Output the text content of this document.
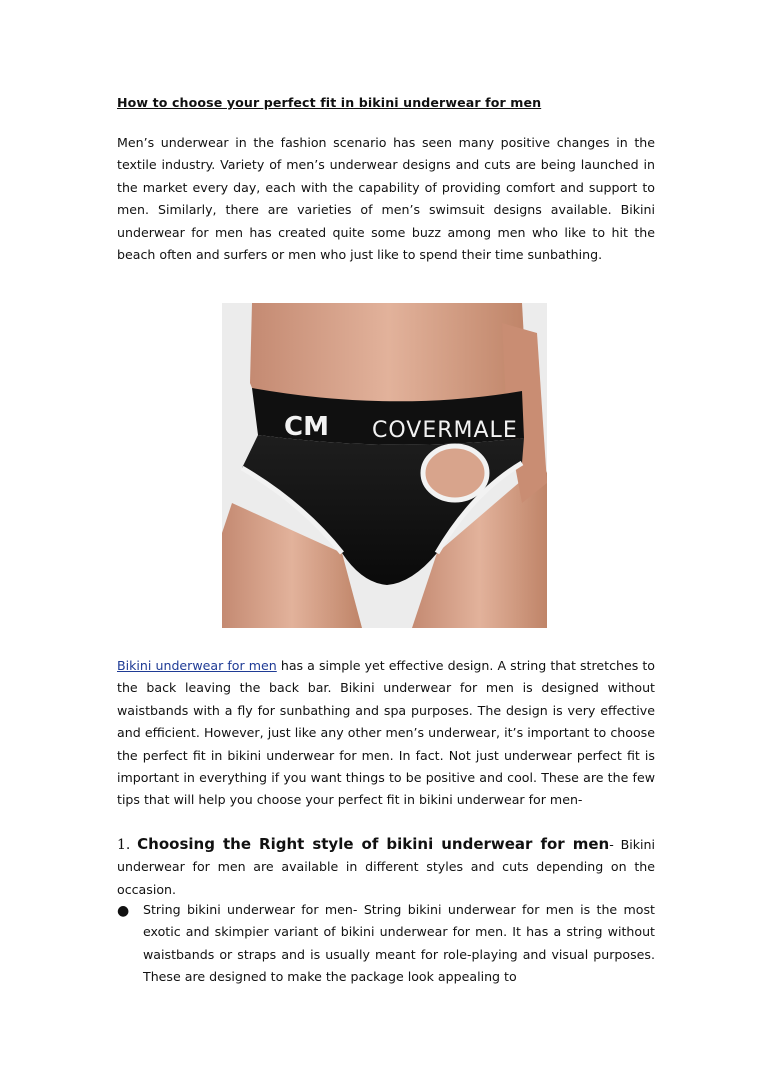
How to choose your perfect fit in bikini underwear for men

Men’s underwear in the fashion scenario has seen many positive changes in the textile industry. Variety of men’s underwear designs and cuts are being launched in the market every day, each with the capability of providing comfort and support to men. Similarly, there are varieties of men’s swimsuit designs available. Bikini underwear for men has created quite some buzz among men who like to hit the beach often and surfers or men who just like to spend their time sunbathing.

CM COVERMALE

Bikini underwear for men has a simple yet effective design. A string that stretches to the back leaving the back bar. Bikini underwear for men is designed without waistbands with a fly for sunbathing and spa purposes. The design is very effective and efficient. However, just like any other men’s underwear, it’s important to choose the perfect fit in bikini underwear for men. In fact. Not just underwear perfect fit is important in everything if you want things to be positive and cool. These are the few tips that will help you choose your perfect fit in bikini underwear for men-

1. Choosing the Right style of bikini underwear for men- Bikini underwear for men are available in different styles and cuts depending on the occasion.

● String bikini underwear for men- String bikini underwear for men is the most exotic and skimpier variant of bikini underwear for men. It has a string without waistbands or straps and is usually meant for role-playing and visual purposes. These are designed to make the package look appealing to
